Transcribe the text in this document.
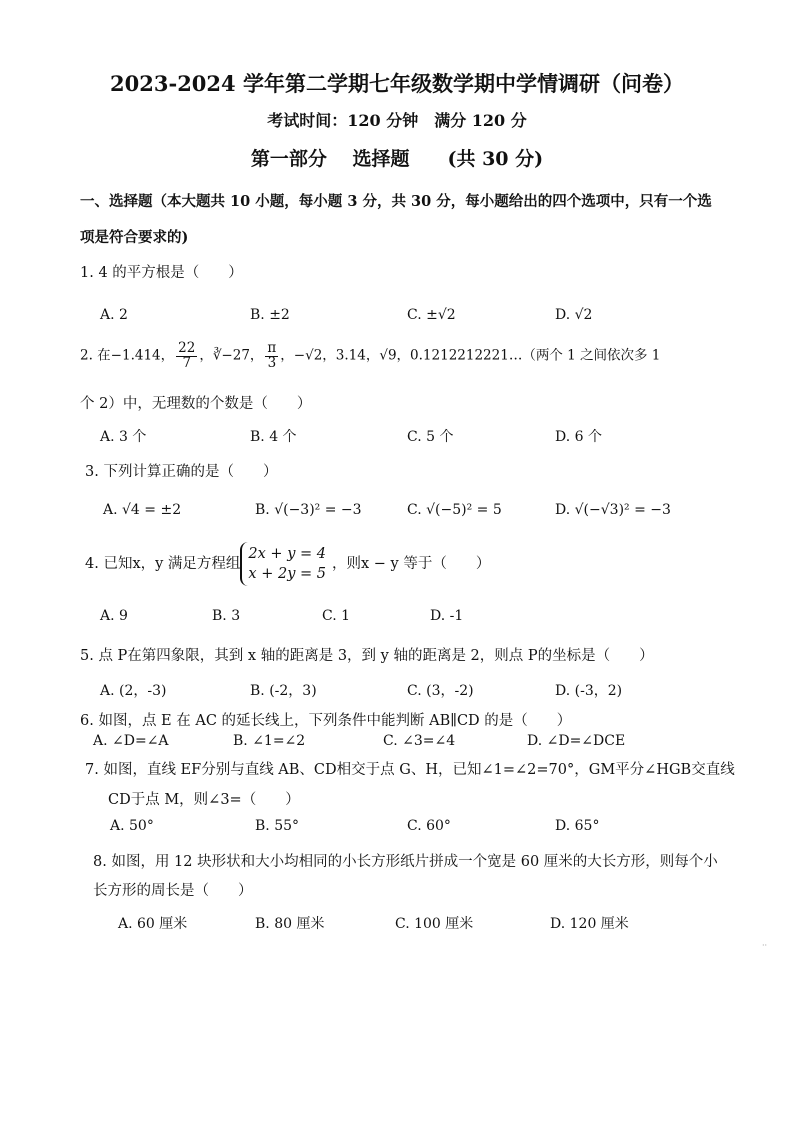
2023-2024 学年第二学期七年级数学期中学情调研（问卷）
考试时间：120 分钟　满分 120 分
第一部分　 选择题　　(共 30 分)
一、选择题（本大题共 10 小题，每小题 3 分，共 30 分，每小题给出的四个选项中，只有一个选
项是符合要求的)
1. 4 的平方根是（　　）
A. 2	B. ±2	C. ±√2	D. √2
2. 在−1.414， $\frac{22}{7}$ ，∛−27， $\frac{\pi}{3}$ ，−√2，3.14，√9，0.1212212221…（两个 1 之间依次多 1
个 2）中，无理数的个数是（　　）
A. 3 个	B. 4 个	C. 5 个	D. 6 个
3. 下列计算正确的是（　　）
A. √4 = ±2	B. √(−3)² = −3	C. √(−5)² = 5	D. √(−√3)² = −3
4. 已知x，y 满足方程组
2x + y = 4
x + 2y = 5
，则x − y 等于（　　）
A. 9	B. 3	C. 1	D. -1
5. 点 P在第四象限，其到 x 轴的距离是 3，到 y 轴的距离是 2，则点 P的坐标是（　　）
A. (2，-3)	B. (-2，3)	C. (3，-2)	D. (-3，2)
6. 如图，点 E 在 AC 的延长线上，下列条件中能判断 AB∥CD 的是（　　）
A. ∠D=∠A	B. ∠1=∠2	C. ∠3=∠4	D. ∠D=∠DCE
7. 如图，直线 EF分别与直线 AB、CD相交于点 G、H，已知∠1=∠2=70°，GM平分∠HGB交直线
CD于点 M，则∠3=（　　）
A. 50°	B. 55°	C. 60°	D. 65°
8. 如图，用 12 块形状和大小均相同的小长方形纸片拼成一个宽是 60 厘米的大长方形，则每个小
长方形的周长是（　　）
A. 60 厘米	B. 80 厘米	C. 100 厘米	D. 120 厘米
··
